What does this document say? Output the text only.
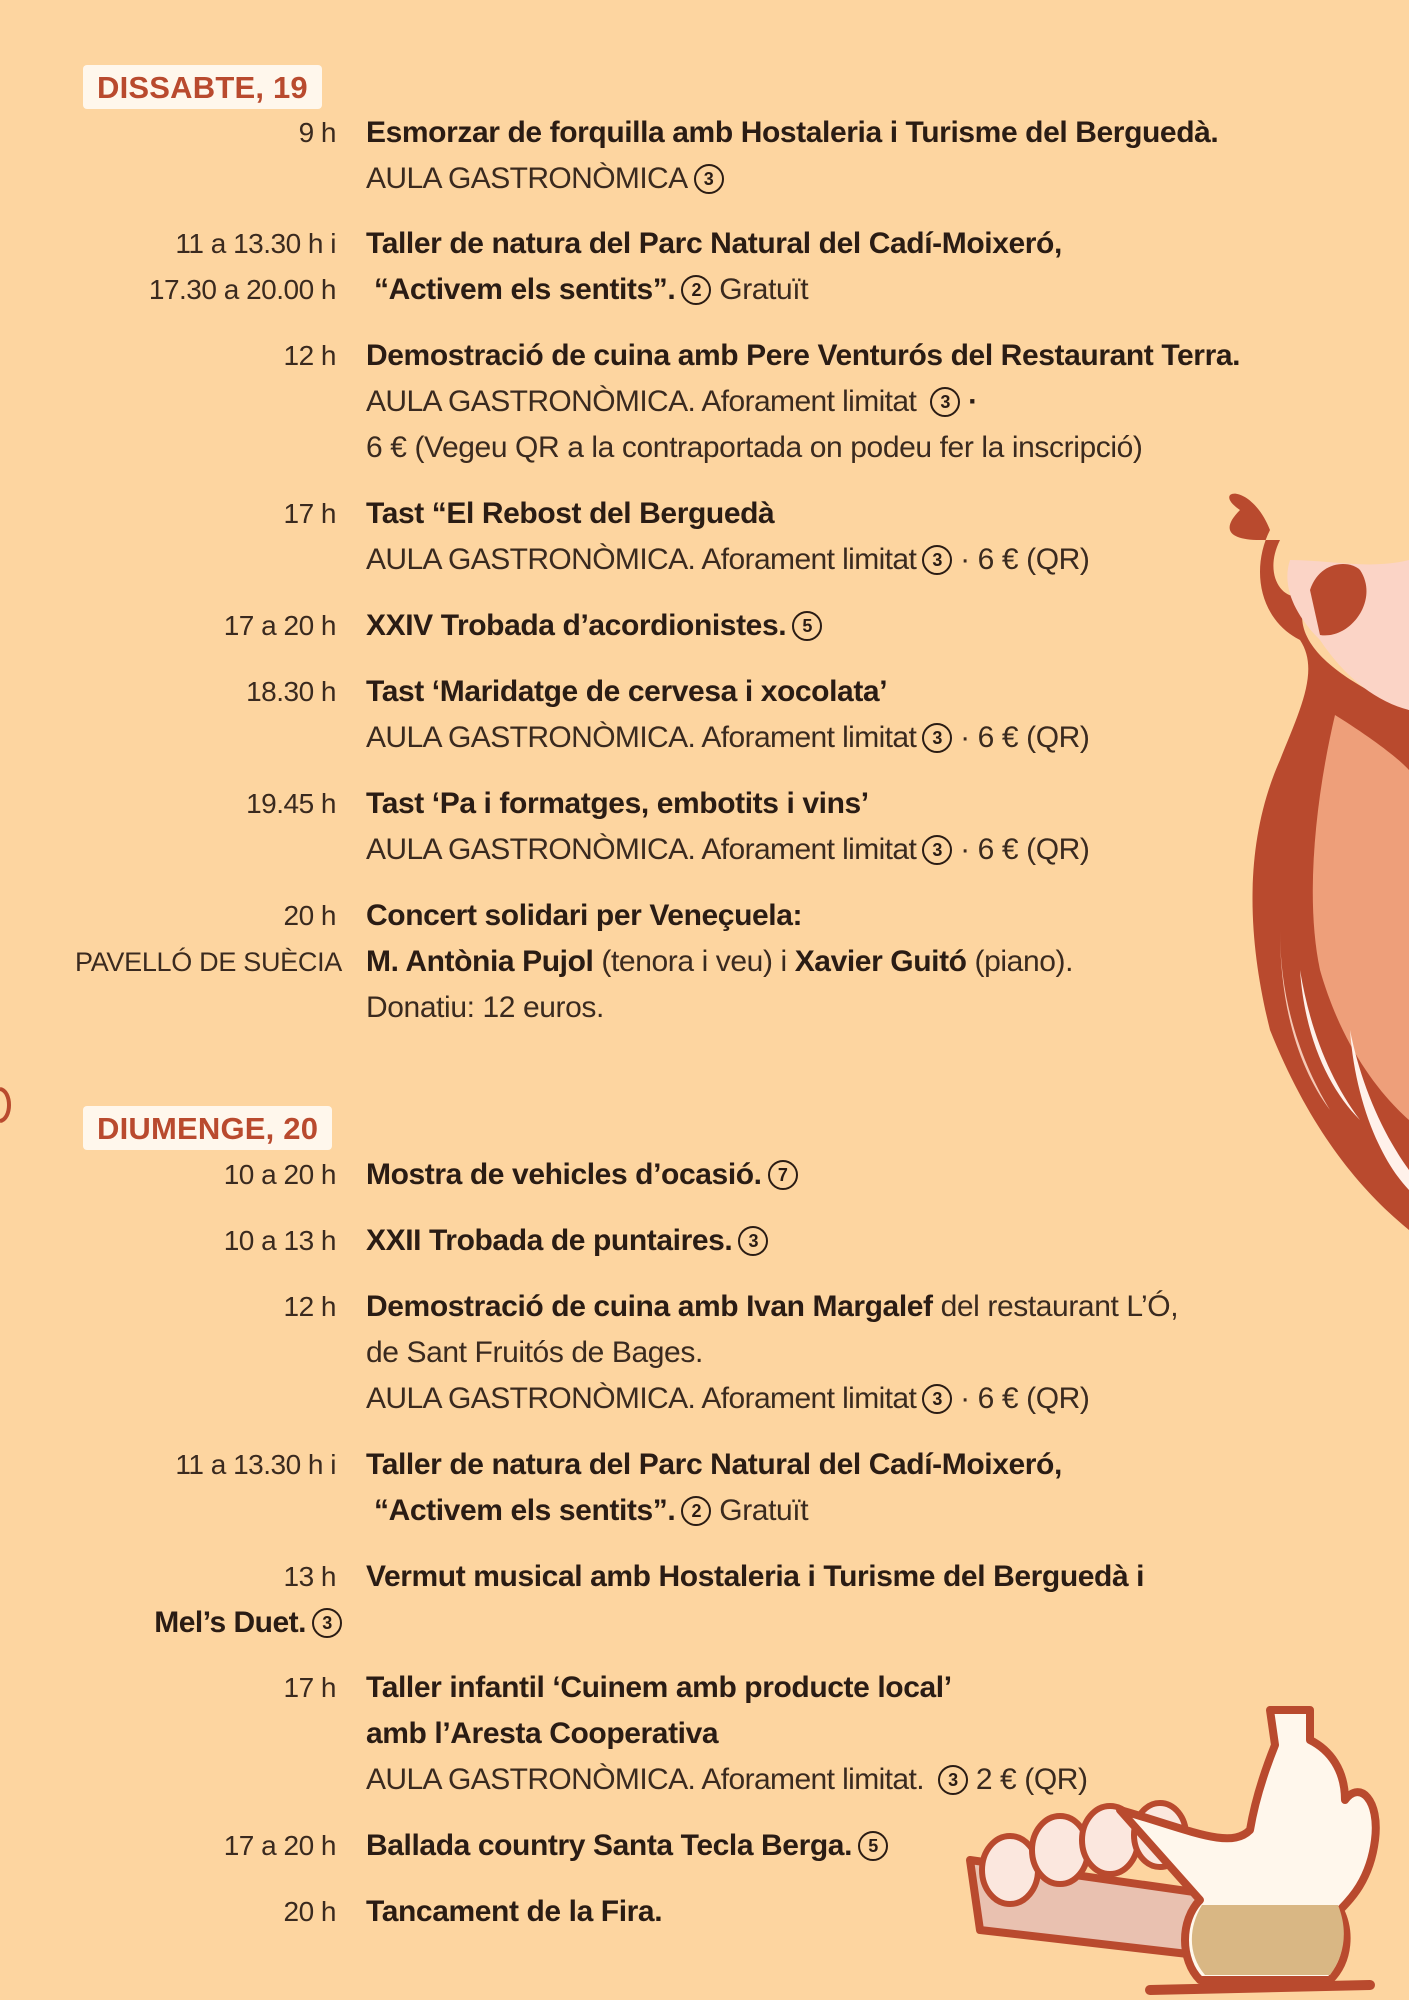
DISSABTE, 19
DIUMENGE, 20
9 h Esmorzar de forquilla amb Hostaleria i Turisme del Berguedà.
AULA GASTRONÒMICA 3
11 a 13.30 h i
17.30 a 20.00 h
Taller de natura del Parc Natural del Cadí-Moixeró,
“Activem els sentits”. 2 Gratuït
12 h Demostració de cuina amb Pere Venturós del Restaurant Terra.
AULA GASTRONÒMICA. Aforament limitat 3 ·
6 € (Vegeu QR a la contraportada on podeu fer la inscripció)
17 h Tast “El Rebost del Berguedà
AULA GASTRONÒMICA. Aforament limitat 3 · 6 € (QR)
17 a 20 h XXIV Trobada d’acordionistes. 5
18.30 h Tast ‘Maridatge de cervesa i xocolata’
AULA GASTRONÒMICA. Aforament limitat 3 · 6 € (QR)
19.45 h Tast ‘Pa i formatges, embotits i vins’
AULA GASTRONÒMICA. Aforament limitat 3 · 6 € (QR)
20 h
PAVELLÓ DE SUÈCIA
Concert solidari per Veneçuela:
M. Antònia Pujol (tenora i veu) i Xavier Guitó (piano).
Donatiu: 12 euros.
10 a 20 h Mostra de vehicles d’ocasió. 7
10 a 13 h XXII Trobada de puntaires. 3
12 h Demostració de cuina amb Ivan Margalef del restaurant L’Ó,
de Sant Fruitós de Bages.
AULA GASTRONÒMICA. Aforament limitat 3 · 6 € (QR)
11 a 13.30 h i Taller de natura del Parc Natural del Cadí-Moixeró,
“Activem els sentits”. 2 Gratuït
13 h
Mel’s Duet. 3
Vermut musical amb Hostaleria i Turisme del Berguedà i
17 h Taller infantil ‘Cuinem amb producte local’
amb l’Aresta Cooperativa
AULA GASTRONÒMICA. Aforament limitat. 3 2 € (QR)
17 a 20 h Ballada country Santa Tecla Berga. 5
20 h Tancament de la Fira.
